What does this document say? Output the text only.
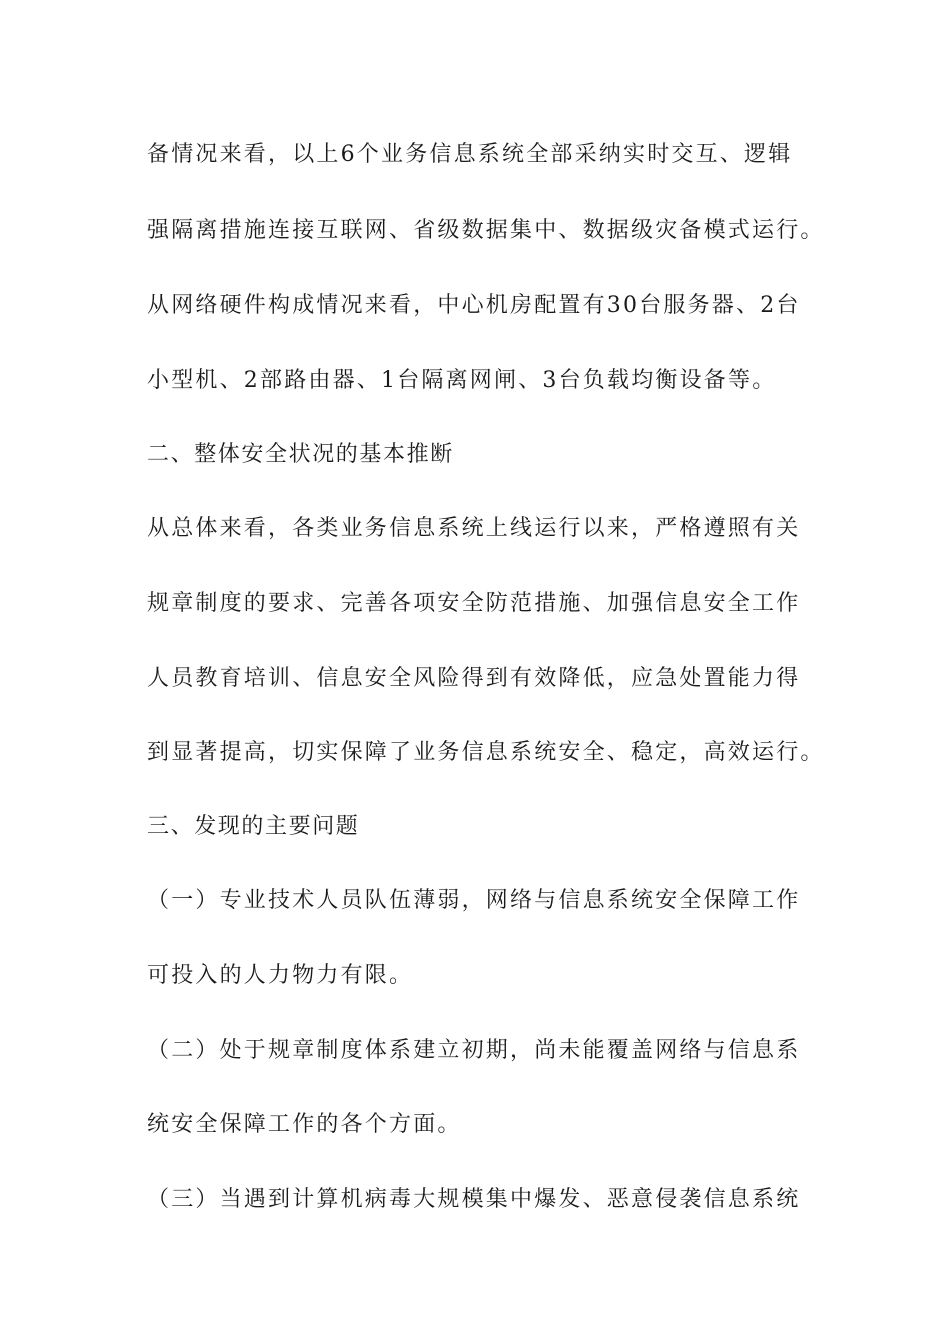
备情况来看，以上6个业务信息系统全部采纳实时交互、逻辑
强隔离措施连接互联网、省级数据集中、数据级灾备模式运行。
从网络硬件构成情况来看，中心机房配置有30台服务器、2台
小型机、2部路由器、1台隔离网闸、3台负载均衡设备等。
二、整体安全状况的基本推断
从总体来看，各类业务信息系统上线运行以来，严格遵照有关
规章制度的要求、完善各项安全防范措施、加强信息安全工作
人员教育培训、信息安全风险得到有效降低，应急处置能力得
到显著提高，切实保障了业务信息系统安全、稳定，高效运行。
三、发现的主要问题
（一）专业技术人员队伍薄弱，网络与信息系统安全保障工作
可投入的人力物力有限。
（二）处于规章制度体系建立初期，尚未能覆盖网络与信息系
统安全保障工作的各个方面。
（三）当遇到计算机病毒大规模集中爆发、恶意侵袭信息系统
